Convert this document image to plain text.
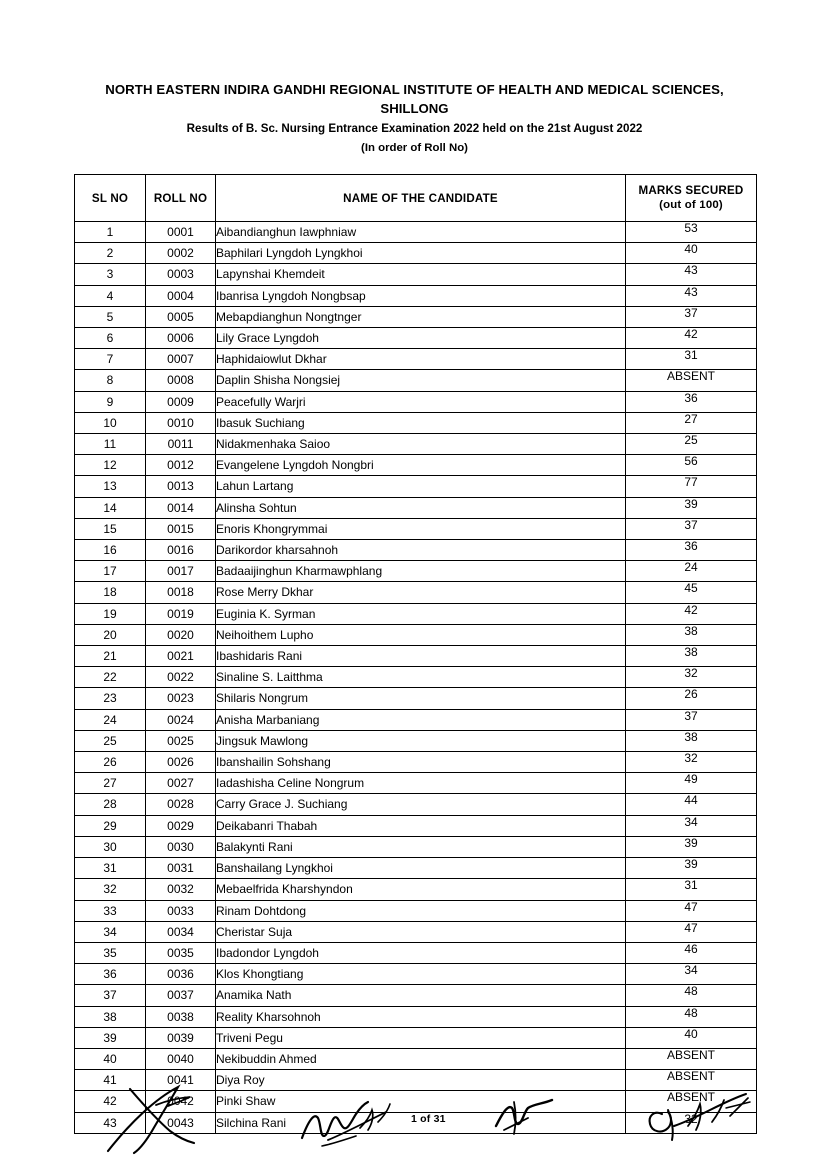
NORTH EASTERN INDIRA GANDHI REGIONAL INSTITUTE OF HEALTH AND MEDICAL SCIENCES,
SHILLONG
Results of B. Sc. Nursing Entrance Examination 2022 held on the 21st August 2022
(In order of Roll No)
SL NO	ROLL NO	NAME OF THE CANDIDATE	MARKS SECURED
(out of 100)

1	0001	Aibandianghun Iawphniaw	53

2	0002	Baphilari Lyngdoh Lyngkhoi	40

3	0003	Lapynshai Khemdeit	43

4	0004	Ibanrisa Lyngdoh Nongbsap	43

5	0005	Mebapdianghun Nongtnger	37

6	0006	Lily Grace Lyngdoh	42

7	0007	Haphidaiowlut Dkhar	31

8	0008	Daplin Shisha Nongsiej	ABSENT

9	0009	Peacefully Warjri	36

10	0010	Ibasuk Suchiang	27

11	0011	Nidakmenhaka Saioo	25

12	0012	Evangelene Lyngdoh Nongbri	56

13	0013	Lahun Lartang	77

14	0014	Alinsha Sohtun	39

15	0015	Enoris Khongrymmai	37

16	0016	Darikordor kharsahnoh	36

17	0017	Badaaijinghun Kharmawphlang	24

18	0018	Rose Merry Dkhar	45

19	0019	Euginia K. Syrman	42

20	0020	Neihoithem Lupho	38

21	0021	Ibashidaris Rani	38

22	0022	Sinaline S. Laitthma	32

23	0023	Shilaris Nongrum	26

24	0024	Anisha Marbaniang	37

25	0025	Jingsuk Mawlong	38

26	0026	Ibanshailin Sohshang	32

27	0027	Iadashisha Celine Nongrum	49

28	0028	Carry Grace J. Suchiang	44

29	0029	Deikabanri Thabah	34

30	0030	Balakynti Rani	39

31	0031	Banshailang Lyngkhoi	39

32	0032	Mebaelfrida Kharshyndon	31

33	0033	Rinam Dohtdong	47

34	0034	Cheristar Suja	47

35	0035	Ibadondor Lyngdoh	46

36	0036	Klos Khongtiang	34

37	0037	Anamika Nath	48

38	0038	Reality Kharsohnoh	48

39	0039	Triveni Pegu	40

40	0040	Nekibuddin Ahmed	ABSENT

41	0041	Diya Roy	ABSENT

42	0042	Pinki Shaw	ABSENT

43	0043	Silchina Rani	32
1 of 31
